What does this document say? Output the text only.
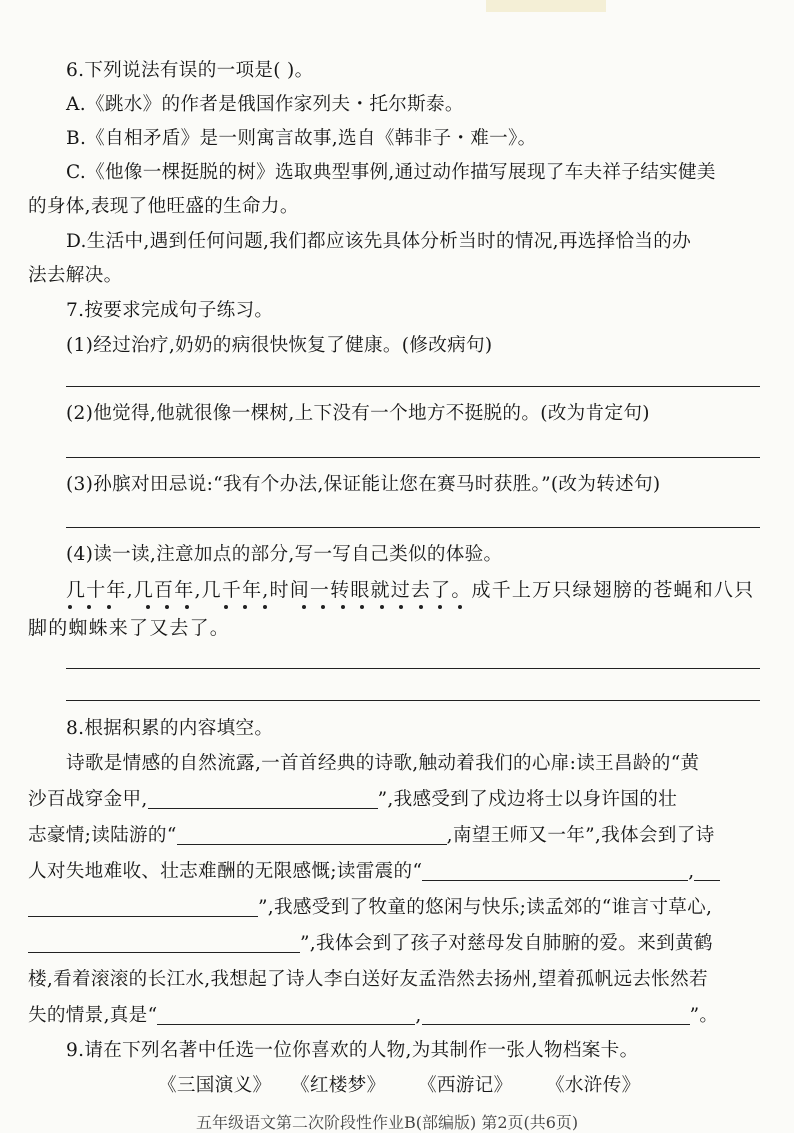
6.下列说法有误的一项是( )。
A.《跳水》的作者是俄国作家列夫・托尔斯泰。
B.《自相矛盾》是一则寓言故事,选自《韩非子・难一》。
C.《他像一棵挺脱的树》选取典型事例,通过动作描写展现了车夫祥子结实健美
的身体,表现了他旺盛的生命力。
D.生活中,遇到任何问题,我们都应该先具体分析当时的情况,再选择恰当的办
法去解决。
7.按要求完成句子练习。
(1)经过治疗,奶奶的病很快恢复了健康。(修改病句)
(2)他觉得,他就很像一棵树,上下没有一个地方不挺脱的。(改为肯定句)
(3)孙膑对田忌说:“我有个办法,保证能让您在赛马时获胜。”(改为转述句)
(4)读一读,注意加点的部分,写一写自己类似的体验。
几十年,几百年,几千年,时间一转眼就过去了。成千上万只绿翅膀的苍蝇和八只
脚的蜘蛛来了又去了。
8.根据积累的内容填空。
诗歌是情感的自然流露,一首首经典的诗歌,触动着我们的心扉:读王昌龄的“黄
沙百战穿金甲,	”,我感受到了戍边将士以身许国的壮
志豪情;读陆游的“	,南望王师又一年”,我体会到了诗
人对失地难收、壮志难酬的无限感慨;读雷震的“	,
”,我感受到了牧童的悠闲与快乐;读孟郊的“谁言寸草心,
”,我体会到了孩子对慈母发自肺腑的爱。来到黄鹤
楼,看着滚滚的长江水,我想起了诗人李白送好友孟浩然去扬州,望着孤帆远去怅然若
失的情景,真是“	,	”。
9.请在下列名著中任选一位你喜欢的人物,为其制作一张人物档案卡。
《三国演义》 《红楼梦》 《西游记》 《水浒传》
五年级语文第二次阶段性作业B(部编版) 第2页(共6页)
